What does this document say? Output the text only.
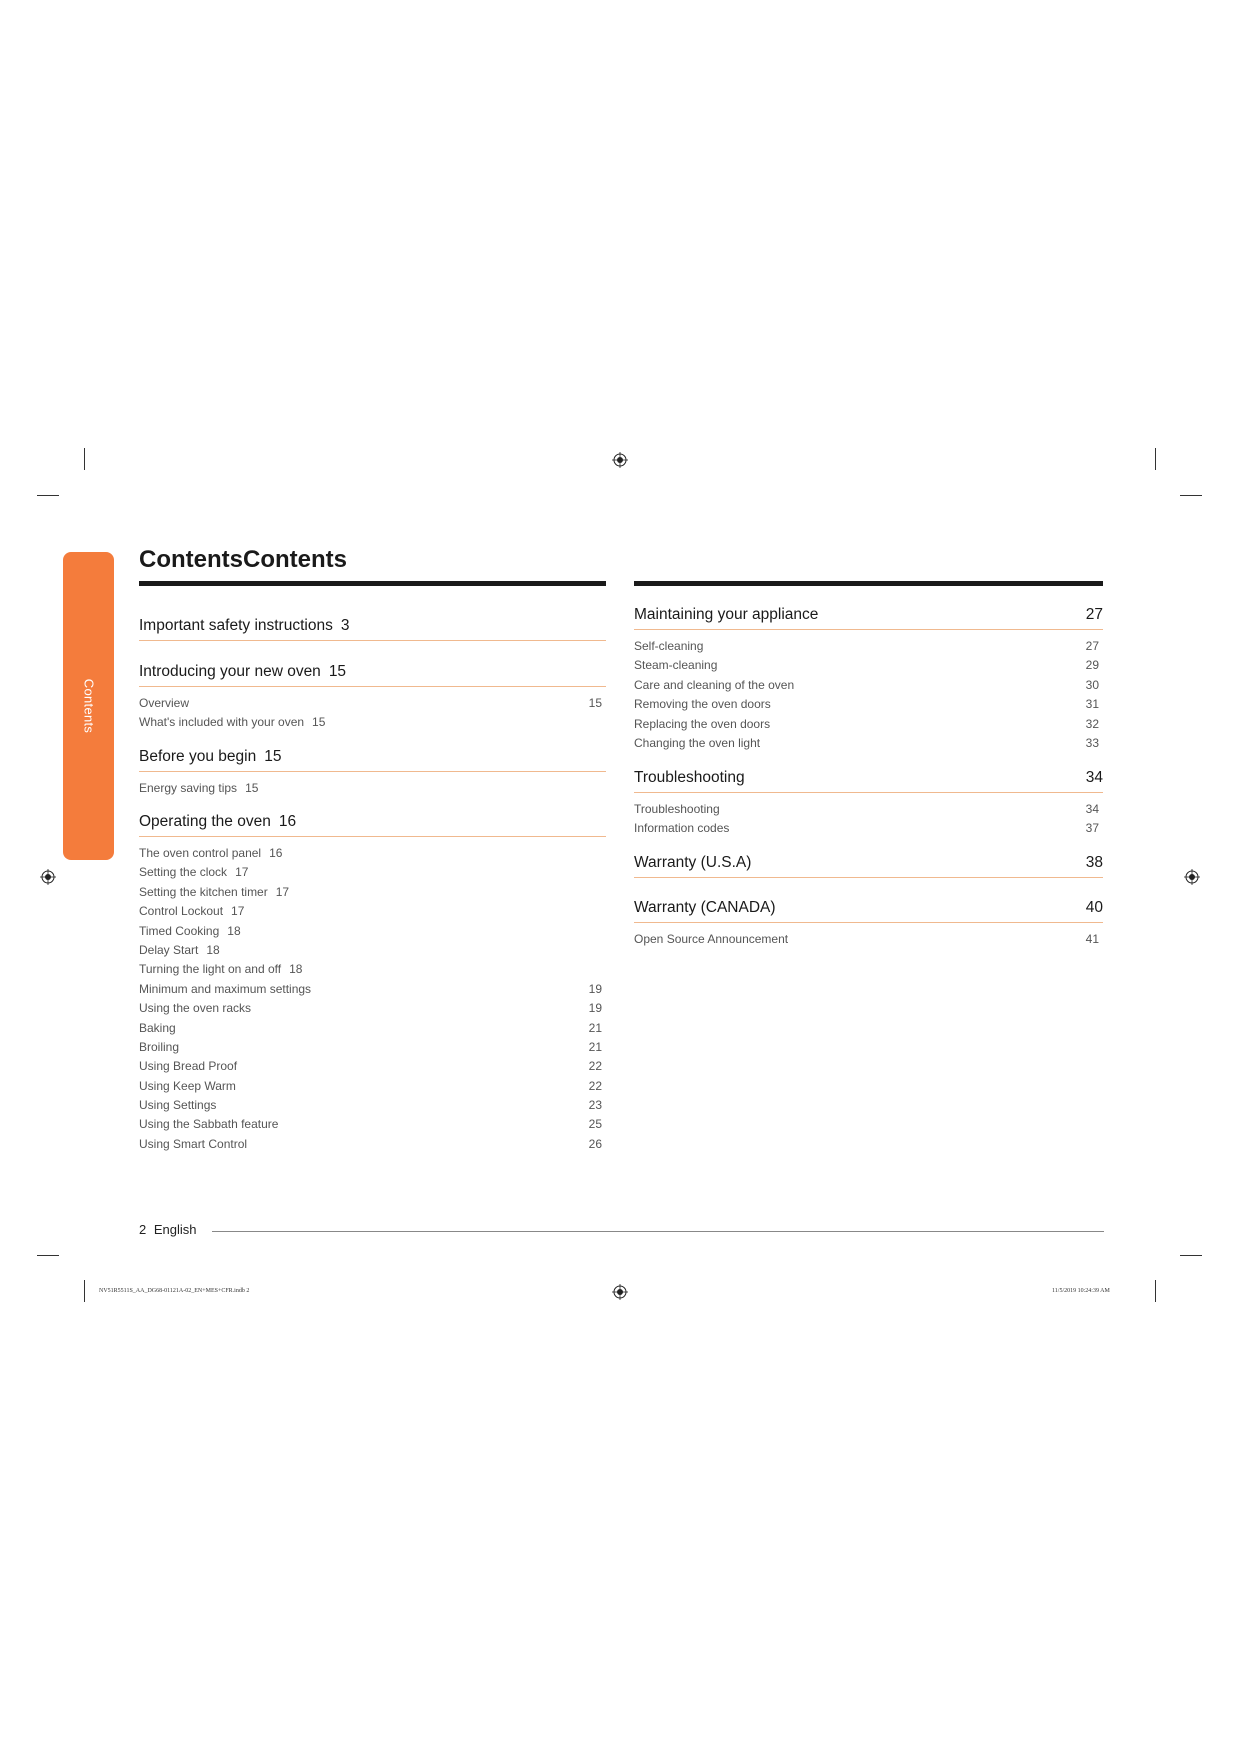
Contents
ContentsContents
Important safety instructions 3
Introducing your new oven 15
Overview	15
What's included with your oven 15
Before you begin 15
Energy saving tips 15
Operating the oven 16
The oven control panel 16
Setting the clock 17
Setting the kitchen timer 17
Control Lockout 17
Timed Cooking 18
Delay Start 18
Turning the light on and off 18
Minimum and maximum settings	19
Using the oven racks	19
Baking	21
Broiling	21
Using Bread Proof	22
Using Keep Warm	22
Using Settings	23
Using the Sabbath feature	25
Using Smart Control	26
Maintaining your appliance	27
Self-cleaning	27
Steam-cleaning	29
Care and cleaning of the oven	30
Removing the oven doors	31
Replacing the oven doors	32
Changing the oven light	33
Troubleshooting	34
Troubleshooting	34
Information codes	37
Warranty (U.S.A)	38
Warranty (CANADA)	40
Open Source Announcement	41
2 English
NV51R5511S_AA_DG68-01121A-02_EN+MES+CFR.indb 2	11/5/2019 10:24:39 AM
